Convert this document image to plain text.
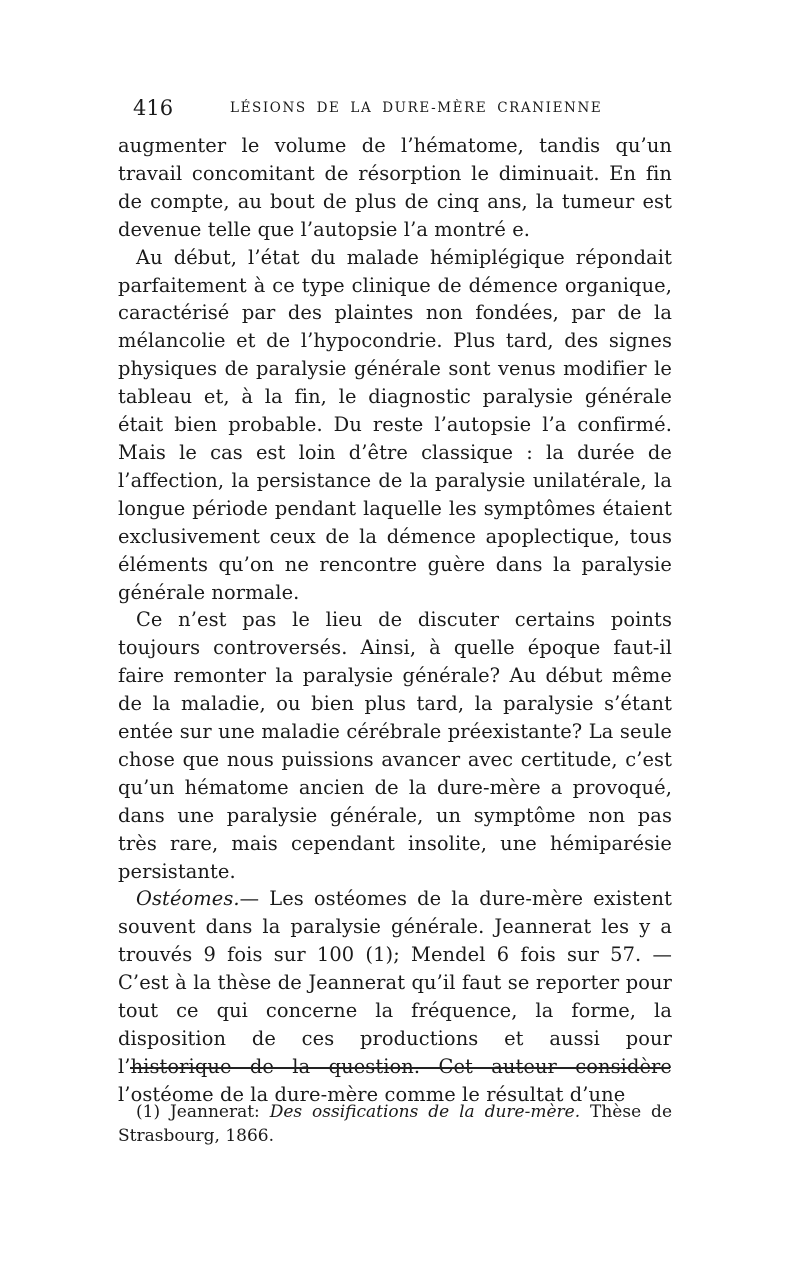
416	LÉSIONS DE LA DURE-MÈRE CRANIENNE

augmenter le volume de l’hématome, tandis qu’un travail concomitant de résorption le diminuait. En fin de compte, au bout de plus de cinq ans, la tumeur est devenue telle que l’autopsie l’a montré e.

Au début, l’état du malade hémiplégique répondait parfaitement à ce type clinique de démence organique, caractérisé par des plaintes non fondées, par de la mélancolie et de l’hypocondrie. Plus tard, des signes physiques de paralysie générale sont venus modifier le tableau et, à la fin, le diagnostic paralysie générale était bien probable. Du reste l’autopsie l’a confirmé. Mais le cas est loin d’être classique : la durée de l’affection, la persistance de la paralysie unilatérale, la longue période pendant laquelle les symptômes étaient exclusivement ceux de la démence apoplectique, tous éléments qu’on ne rencontre guère dans la paralysie générale normale.

Ce n’est pas le lieu de discuter certains points toujours controversés. Ainsi, à quelle époque faut-il faire remonter la paralysie générale? Au début même de la maladie, ou bien plus tard, la paralysie s’étant entée sur une maladie cérébrale préexistante? La seule chose que nous puissions avancer avec certitude, c’est qu’un hématome ancien de la dure-mère a provoqué, dans une paralysie générale, un symptôme non pas très rare, mais cependant insolite, une hémiparésie persistante.

Ostéomes.— Les ostéomes de la dure-mère existent souvent dans la paralysie générale. Jeannerat les y a trouvés 9 fois sur 100 (1); Mendel 6 fois sur 57. — C’est à la thèse de Jeannerat qu’il faut se reporter pour tout ce qui concerne la fréquence, la forme, la disposition de ces productions et aussi pour l’historique de la question. Cet auteur considère l’ostéome de la dure-mère comme le résultat d’une

(1) Jeannerat: Des ossifications de la dure-mère. Thèse de Strasbourg, 1866.
